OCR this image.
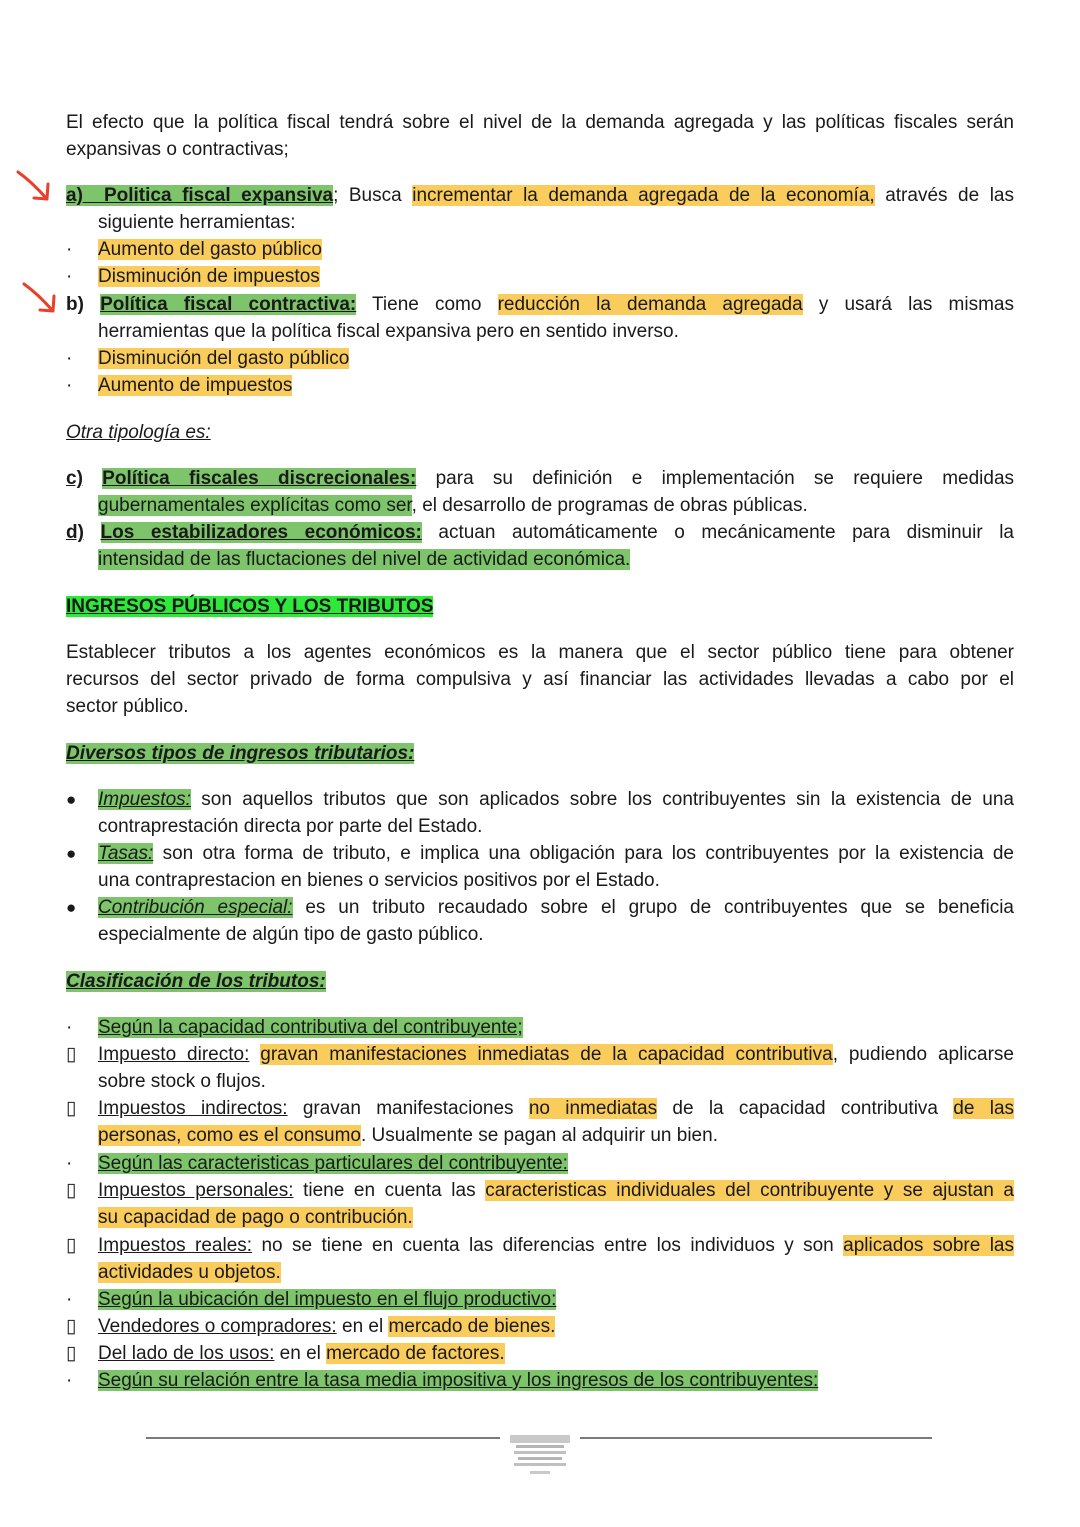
El efecto que la política fiscal tendrá sobre el nivel de la demanda agregada y las políticas fiscales serán
expansivas o contractivas;
a) Politica fiscal expansiva; Busca incrementar la demanda agregada de la economía, através de las
siguiente herramientas:
·	Aumento del gasto público
·	Disminución de impuestos
b) Política fiscal contractiva: Tiene como reducción la demanda agregada y usará las mismas
herramientas que la política fiscal expansiva pero en sentido inverso.
·	Disminución del gasto público
·	Aumento de impuestos
Otra tipología es:
c) Política fiscales discrecionales: para su definición e implementación se requiere medidas
gubernamentales explícitas como ser, el desarrollo de programas de obras públicas.
d) Los estabilizadores económicos: actuan automáticamente o mecánicamente para disminuir la
intensidad de las fluctaciones del nivel de actividad económica.
INGRESOS PÚBLICOS Y LOS TRIBUTOS
Establecer tributos a los agentes económicos es la manera que el sector público tiene para obtener
recursos del sector privado de forma compulsiva y así financiar las actividades llevadas a cabo por el
sector público.
Diversos tipos de ingresos tributarios:
●	Impuestos: son aquellos tributos que son aplicados sobre los contribuyentes sin la existencia de una
contraprestación directa por parte del Estado.
●	Tasas: son otra forma de tributo, e implica una obligación para los contribuyentes por la existencia de
una contraprestacion en bienes o servicios positivos por el Estado.
●	Contribución especial: es un tributo recaudado sobre el grupo de contribuyentes que se beneficia
especialmente de algún tipo de gasto público.
Clasificación de los tributos:
·	Según la capacidad contributiva del contribuyente;
▯	Impuesto directo: gravan manifestaciones inmediatas de la capacidad contributiva, pudiendo aplicarse
sobre stock o flujos.
▯	Impuestos indirectos: gravan manifestaciones no inmediatas de la capacidad contributiva de las
personas, como es el consumo. Usualmente se pagan al adquirir un bien.
·	Según las caracteristicas particulares del contribuyente:
▯	Impuestos personales: tiene en cuenta las caracteristicas individuales del contribuyente y se ajustan a
su capacidad de pago o contribución.
▯	Impuestos reales: no se tiene en cuenta las diferencias entre los individuos y son aplicados sobre las
actividades u objetos.
·	Según la ubicación del impuesto en el flujo productivo:
▯	Vendedores o compradores: en el mercado de bienes.
▯	Del lado de los usos: en el mercado de factores.
·	Según su relación entre la tasa media impositiva y los ingresos de los contribuyentes:
